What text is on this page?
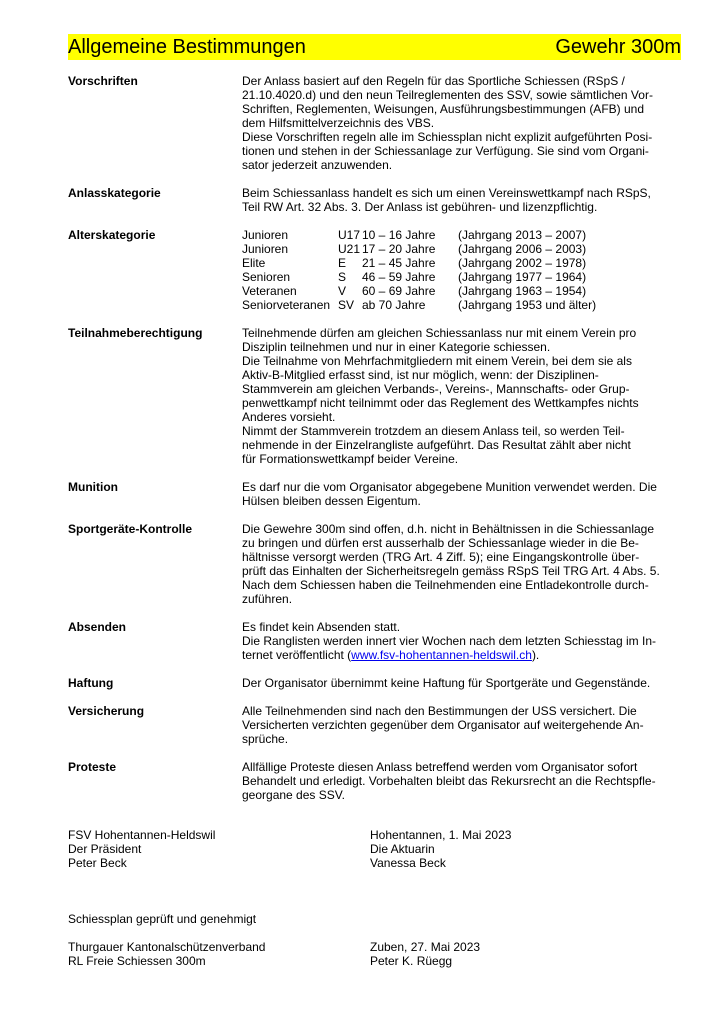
Allgemeine Bestimmungen	Gewehr 300m
Vorschriften	Der Anlass basiert auf den Regeln für das Sportliche Schiessen (RSpS /

21.10.4020.d) und den neun Teilreglementen des SSV, sowie sämtlichen Vor-

Schriften, Reglementen, Weisungen, Ausführungsbestimmungen (AFB) und

dem Hilfsmittelverzeichnis des VBS.

Diese Vorschriften regeln alle im Schiessplan nicht explizit aufgeführten Posi-

tionen und stehen in der Schiessanlage zur Verfügung. Sie sind vom Organi-

sator jederzeit anzuwenden.

Anlasskategorie	Beim Schiessanlass handelt es sich um einen Vereinswettkampf nach RSpS,

Teil RW Art. 32 Abs. 3. Der Anlass ist gebühren- und lizenzpflichtig.

Alterskategorie	Junioren	U17	10 – 16 Jahre	(Jahrgang 2013 – 2007)
Junioren	U21	17 – 20 Jahre	(Jahrgang 2006 – 2003)
Elite	E	21 – 45 Jahre	(Jahrgang 2002 – 1978)
Senioren	S	46 – 59 Jahre	(Jahrgang 1977 – 1964)
Veteranen	V	60 – 69 Jahre	(Jahrgang 1963 – 1954)
Seniorveteranen	SV	ab 70 Jahre	(Jahrgang 1953 und älter)
Teilnahmeberechtigung	Teilnehmende dürfen am gleichen Schiessanlass nur mit einem Verein pro

Disziplin teilnehmen und nur in einer Kategorie schiessen.

Die Teilnahme von Mehrfachmitgliedern mit einem Verein, bei dem sie als

Aktiv-B-Mitglied erfasst sind, ist nur möglich, wenn: der Disziplinen-

Stammverein am gleichen Verbands-, Vereins-, Mannschafts- oder Grup-

penwettkampf nicht teilnimmt oder das Reglement des Wettkampfes nichts

Anderes vorsieht.

Nimmt der Stammverein trotzdem an diesem Anlass teil, so werden Teil-

nehmende in der Einzelrangliste aufgeführt. Das Resultat zählt aber nicht

für Formationswettkampf beider Vereine.

Munition	Es darf nur die vom Organisator abgegebene Munition verwendet werden. Die

Hülsen bleiben dessen Eigentum.

Sportgeräte-Kontrolle	Die Gewehre 300m sind offen, d.h. nicht in Behältnissen in die Schiessanlage

zu bringen und dürfen erst ausserhalb der Schiessanlage wieder in die Be-

hältnisse versorgt werden (TRG Art. 4 Ziff. 5); eine Eingangskontrolle über-

prüft das Einhalten der Sicherheitsregeln gemäss RSpS Teil TRG Art. 4 Abs. 5.

Nach dem Schiessen haben die Teilnehmenden eine Entladekontrolle durch-

zuführen.

Absenden	Es findet kein Absenden statt.

Die Ranglisten werden innert vier Wochen nach dem letzten Schiesstag im In-

ternet veröffentlicht (www.fsv-hohentannen-heldswil.ch).

Haftung	Der Organisator übernimmt keine Haftung für Sportgeräte und Gegenstände.

Versicherung	Alle Teilnehmenden sind nach den Bestimmungen der USS versichert. Die

Versicherten verzichten gegenüber dem Organisator auf weitergehende An-

sprüche.

Proteste	Allfällige Proteste diesen Anlass betreffend werden vom Organisator sofort

Behandelt und erledigt. Vorbehalten bleibt das Rekursrecht an die Rechtspfle-

georgane des SSV.

FSV Hohentannen-Heldswil
Der Präsident
Peter Beck
Hohentannen, 1. Mai 2023
Die Aktuarin
Vanessa Beck
Schiessplan geprüft und genehmigt
Thurgauer Kantonalschützenverband
RL Freie Schiessen 300m
Zuben, 27. Mai 2023
Peter K. Rüegg
